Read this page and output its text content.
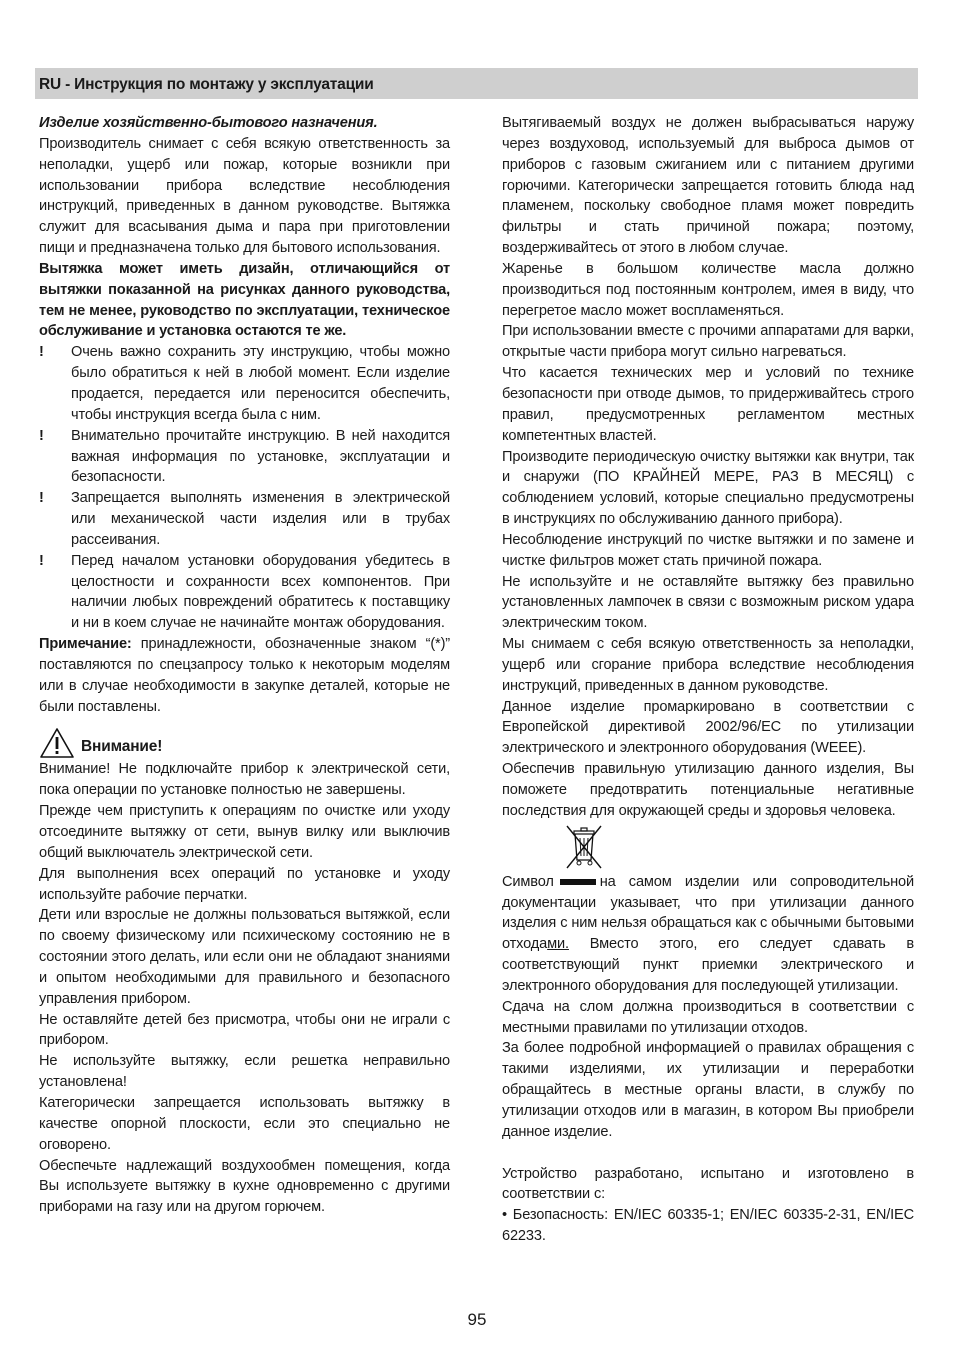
RU - Инструкция по монтажу у эксплуатации

Изделие хозяйственно-бытового назначения.

Производитель снимает с себя всякую ответственность за неполадки, ущерб или пожар, которые возникли при использовании прибора вследствие несоблюдения инструкций, приведенных в данном руководстве. Вытяжка служит для всасывания дыма и пара при приготовлении пищи и предназначена только для бытового использования.

Вытяжка может иметь дизайн, отличающийся от вытяжки показанной на рисунках данного руководства, тем не менее, руководство по эксплуатации, техническое обслуживание и установка остаются те же.

! Очень важно сохранить эту инструкцию, чтобы можно было обратиться к ней в любой момент. Если изделие продается, передается или переносится обеспечить, чтобы инструкция всегда была с ним.

! Внимательно прочитайте инструкцию. В ней находится важная информация по установке, эксплуатации и безопасности.

! Запрещается выполнять изменения в электрической или механической части изделия или в трубах рассеивания.

! Перед началом установки оборудования убедитесь в целостности и сохранности всех компонентов. При наличии любых повреждений обратитесь к поставщику и ни в коем случае не начинайте монтаж оборудования.

Примечание: принадлежности, обозначенные знаком “(*)” поставляются по спецзапросу только к некоторым моделям или в случае необходимости в закупке деталей, которые не были поставлены.

Внимание!

Внимание! Не подключайте прибор к электрической сети, пока операции по установке полностью не завершены.

Прежде чем приступить к операциям по очистке или уходу отсоедините вытяжку от сети, вынув вилку или выключив общий выключатель электрической сети.

Для выполнения всех операций по установке и уходу используйте рабочие перчатки.

Дети или взрослые не должны пользоваться вытяжкой, если по своему физическому или психическому состоянию не в состоянии этого делать, или если они не обладают знаниями и опытом необходимыми для правильного и безопасного управления прибором.

Не оставляйте детей без присмотра, чтобы они не играли с прибором.

Не используйте вытяжку, если решетка неправильно установлена!

Категорически запрещается использовать вытяжку в качестве опорной плоскости, если это специально не оговорено.

Обеспечьте надлежащий воздухообмен помещения, когда Вы используете вытяжку в кухне одновременно с другими приборами на газу или на другом горючем.

Вытягиваемый воздух не должен выбрасываться наружу через воздуховод, используемый для выброса дымов от приборов с газовым сжиганием или с питанием другими горючими. Категорически запрещается готовить блюда над пламенем, поскольку свободное пламя может повредить фильтры и стать причиной пожара; поэтому, воздерживайтесь от этого в любом случае.

Жаренье в большом количестве масла должно производиться под постоянным контролем, имея в виду, что перегретое масло может воспламеняться.

При использовании вместе с прочими аппаратами для варки, открытые части прибора могут сильно нагреваться.

Что касается технических мер и условий по технике безопасности при отводе дымов, то придерживайтесь строго правил, предусмотренных регламентом местных компетентных властей.

Производите периодическую очистку вытяжки как внутри, так и снаружи (ПО КРАЙНЕЙ МЕРЕ, РАЗ В МЕСЯЦ) с соблюдением условий, которые специально предусмотрены в инструкциях по обслуживанию данного прибора).

Несоблюдение инструкций по чистке вытяжки и по замене и чистке фильтров может стать причиной пожара.

Не используйте и не оставляйте вытяжку без правильно установленных лампочек в связи с возможным риском удара электрическим током.

Мы снимаем с себя всякую ответственность за неполадки, ущерб или сгорание прибора вследствие несоблюдения инструкций, приведенных в данном руководстве.

Данное изделие промаркировано в соответствии с Европейской директивой 2002/96/EC по утилизации электрического и электронного оборудования (WEEE).

Обеспечив правильную утилизацию данного изделия, Вы поможете предотвратить потенциальные негативные последствия для окружающей среды и здоровья человека.

Символ	на самом изделии или сопроводительной документации указывает, что при утилизации данного изделия с ним нельзя обращаться как с обычными бытовыми отходами. Вместо этого, его следует сдавать в соответствующий пункт приемки электрического и электронного оборудования для последующей утилизации.

Сдача на слом должна производиться в соответствии с местными правилами по утилизации отходов.

За более подробной информацией о правилах обращения с такими изделиями, их утилизации и переработки обращайтесь в местные органы власти, в службу по утилизации отходов или в магазин, в котором Вы приобрели данное изделие.

Устройство разработано, испытано и изготовлено в соответствии с:

• Безопасность: EN/IEC 60335-1; EN/IEC 60335-2-31, EN/IEC 62233.

95
